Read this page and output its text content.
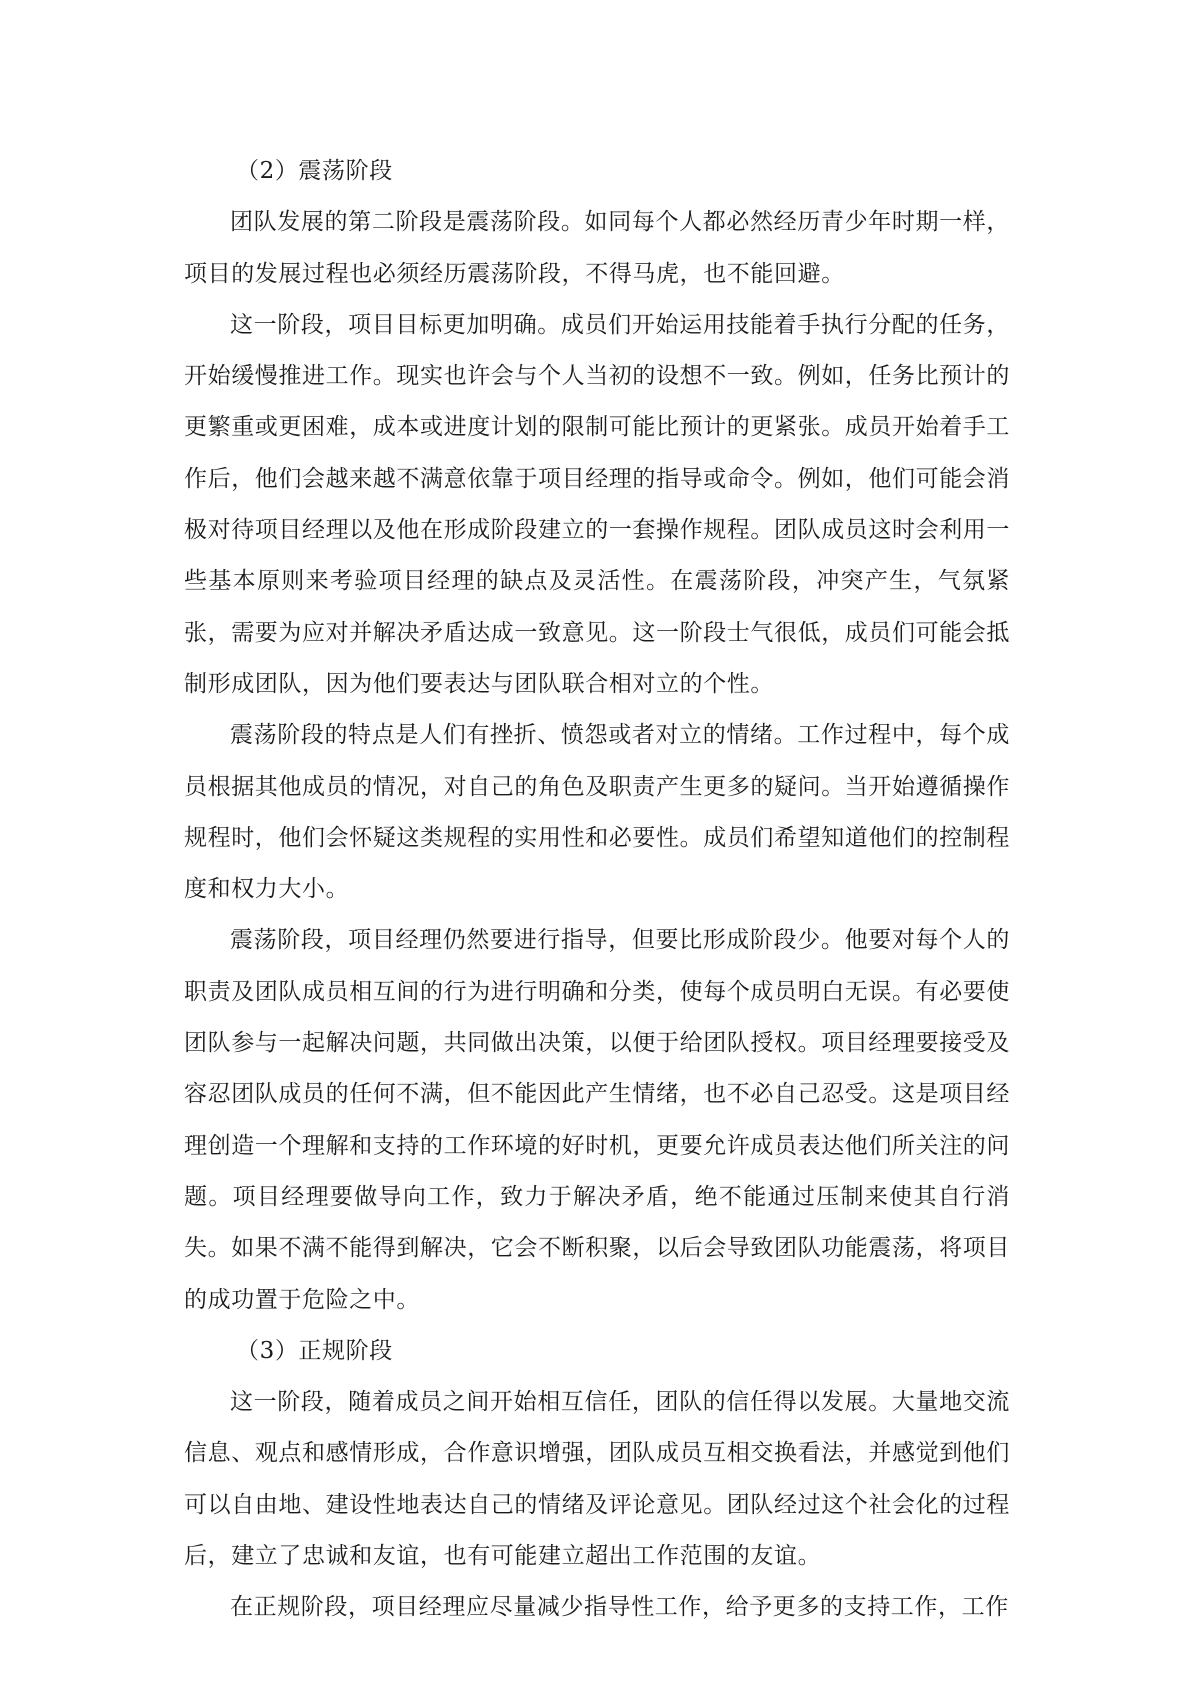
（2）震荡阶段

团队发展的第二阶段是震荡阶段。如同每个人都必然经历青少年时期一样，项目的发展过程也必须经历震荡阶段，不得马虎，也不能回避。

这一阶段，项目目标更加明确。成员们开始运用技能着手执行分配的任务，开始缓慢推进工作。现实也许会与个人当初的设想不一致。例如，任务比预计的更繁重或更困难，成本或进度计划的限制可能比预计的更紧张。成员开始着手工作后，他们会越来越不满意依靠于项目经理的指导或命令。例如，他们可能会消极对待项目经理以及他在形成阶段建立的一套操作规程。团队成员这时会利用一些基本原则来考验项目经理的缺点及灵活性。在震荡阶段，冲突产生，气氛紧张，需要为应对并解决矛盾达成一致意见。这一阶段士气很低，成员们可能会抵制形成团队，因为他们要表达与团队联合相对立的个性。

震荡阶段的特点是人们有挫折、愤怨或者对立的情绪。工作过程中，每个成员根据其他成员的情况，对自己的角色及职责产生更多的疑问。当开始遵循操作规程时，他们会怀疑这类规程的实用性和必要性。成员们希望知道他们的控制程度和权力大小。

震荡阶段，项目经理仍然要进行指导，但要比形成阶段少。他要对每个人的职责及团队成员相互间的行为进行明确和分类，使每个成员明白无误。有必要使团队参与一起解决问题，共同做出决策，以便于给团队授权。项目经理要接受及容忍团队成员的任何不满，但不能因此产生情绪，也不必自己忍受。这是项目经理创造一个理解和支持的工作环境的好时机，更要允许成员表达他们所关注的问题。项目经理要做导向工作，致力于解决矛盾，绝不能通过压制来使其自行消失。如果不满不能得到解决，它会不断积聚，以后会导致团队功能震荡，将项目的成功置于危险之中。

（3）正规阶段

这一阶段，随着成员之间开始相互信任，团队的信任得以发展。大量地交流信息、观点和感情形成，合作意识增强，团队成员互相交换看法，并感觉到他们可以自由地、建设性地表达自己的情绪及评论意见。团队经过这个社会化的过程后，建立了忠诚和友谊，也有可能建立超出工作范围的友谊。

在正规阶段，项目经理应尽量减少指导性工作，给予更多的支持工作，工作
